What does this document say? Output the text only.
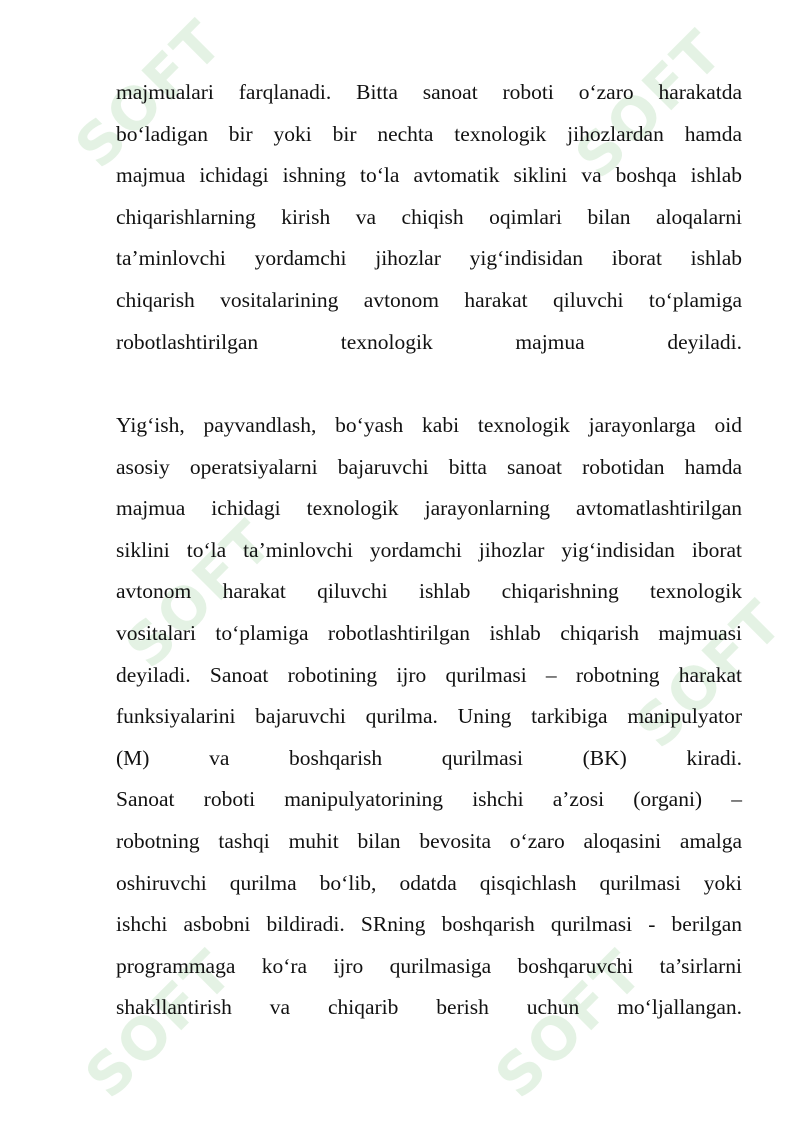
SOFT	SOFT
SOFT	SOFT
SOFT	SOFT
majmualari farqlanadi. Bitta sanoat roboti o‘zaro harakatda
bo‘ladigan bir yoki bir nechta texnologik jihozlardan hamda
majmua ichidagi ishning to‘la avtomatik siklini va boshqa ishlab
chiqarishlarning kirish va chiqish oqimlari bilan aloqalarni
ta’minlovchi yordamchi jihozlar yig‘indisidan iborat ishlab
chiqarish vositalarining avtonom harakat qiluvchi to‘plamiga
robotlashtirilgan texnologik majmua deyiladi.
Yig‘ish, payvandlash, bo‘yash kabi texnologik jarayonlarga oid
asosiy operatsiyalarni bajaruvchi bitta sanoat robotidan hamda
majmua ichidagi texnologik jarayonlarning avtomatlashtirilgan
siklini to‘la ta’minlovchi yordamchi jihozlar yig‘indisidan iborat
avtonom harakat qiluvchi ishlab chiqarishning texnologik
vositalari to‘plamiga robotlashtirilgan ishlab chiqarish majmuasi
deyiladi. Sanoat robotining ijro qurilmasi – robotning harakat
funksiyalarini bajaruvchi qurilma. Uning tarkibiga manipulyator
(M) va boshqarish qurilmasi (BK) kiradi.
Sanoat roboti manipulyatorining ishchi a’zosi (organi) –
robotning tashqi muhit bilan bevosita o‘zaro aloqasini amalga
oshiruvchi qurilma bo‘lib, odatda qisqichlash qurilmasi yoki
ishchi asbobni bildiradi. SRning boshqarish qurilmasi - berilgan
programmaga ko‘ra ijro qurilmasiga boshqaruvchi ta’sirlarni
shakllantirish va chiqarib berish uchun mo‘ljallangan.
